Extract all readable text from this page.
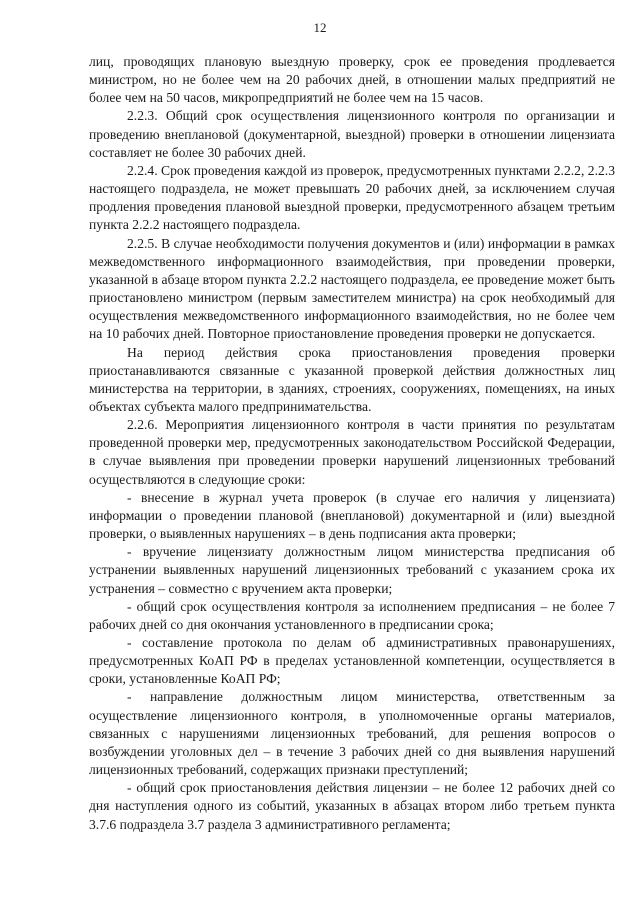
12

лиц, проводящих плановую выездную проверку, срок ее проведения продлевается министром, но не более чем на 20 рабочих дней, в отношении малых предприятий не более чем на 50 часов, микропредприятий не более чем на 15 часов.

2.2.3. Общий срок осуществления лицензионного контроля по организации и проведению внеплановой (документарной, выездной) проверки в отношении лицензиата составляет не более 30 рабочих дней.

2.2.4. Срок проведения каждой из проверок, предусмотренных пунктами 2.2.2, 2.2.3 настоящего подраздела, не может превышать 20 рабочих дней, за исключением случая продления проведения плановой выездной проверки, предусмотренного абзацем третьим пункта 2.2.2 настоящего подраздела.

2.2.5. В случае необходимости получения документов и (или) информации в рамках межведомственного информационного взаимодействия, при проведении проверки, указанной в абзаце втором пункта 2.2.2 настоящего подраздела, ее проведение может быть приостановлено министром (первым заместителем министра) на срок необходимый для осуществления межведомственного информационного взаимодействия, но не более чем на 10 рабочих дней. Повторное приостановление проведения проверки не допускается.

На период действия срока приостановления проведения проверки приостанавливаются связанные с указанной проверкой действия должностных лиц министерства на территории, в зданиях, строениях, сооружениях, помещениях, на иных объектах субъекта малого предпринимательства.

2.2.6. Мероприятия лицензионного контроля в части принятия по результатам проведенной проверки мер, предусмотренных законодательством Российской Федерации, в случае выявления при проведении проверки нарушений лицензионных требований осуществляются в следующие сроки:

- внесение в журнал учета проверок (в случае его наличия у лицензиата) информации о проведении плановой (внеплановой) документарной и (или) выездной проверки, о выявленных нарушениях – в день подписания акта проверки;

- вручение лицензиату должностным лицом министерства предписания об устранении выявленных нарушений лицензионных требований с указанием срока их устранения – совместно с вручением акта проверки;

- общий срок осуществления контроля за исполнением предписания – не более 7 рабочих дней со дня окончания установленного в предписании срока;

- составление протокола по делам об административных правонарушениях, предусмотренных КоАП РФ в пределах установленной компетенции, осуществляется в сроки, установленные КоАП РФ;

- направление должностным лицом министерства, ответственным за осуществление лицензионного контроля, в уполномоченные органы материалов, связанных с нарушениями лицензионных требований, для решения вопросов о возбуждении уголовных дел – в течение 3 рабочих дней со дня выявления нарушений лицензионных требований, содержащих признаки преступлений;

- общий срок приостановления действия лицензии – не более 12 рабочих дней со дня наступления одного из событий, указанных в абзацах втором либо третьем пункта 3.7.6 подраздела 3.7 раздела 3 административного регламента;
